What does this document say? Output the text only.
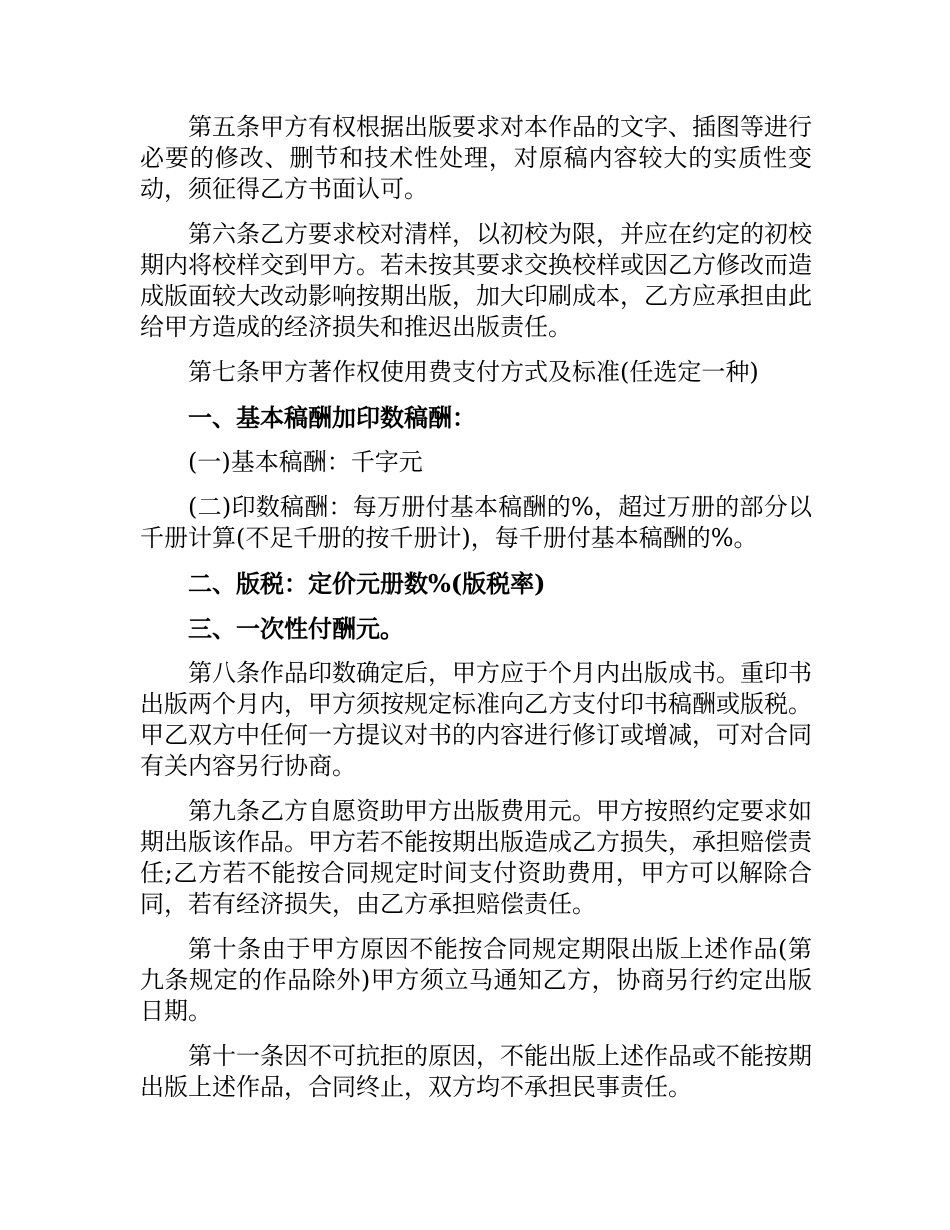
第五条甲方有权根据出版要求对本作品的文字、插图等进行必要的修改、删节和技术性处理，对原稿内容较大的实质性变动，须征得乙方书面认可。

第六条乙方要求校对清样，以初校为限，并应在约定的初校期内将校样交到甲方。若未按其要求交换校样或因乙方修改而造成版面较大改动影响按期出版，加大印刷成本，乙方应承担由此给甲方造成的经济损失和推迟出版责任。

第七条甲方著作权使用费支付方式及标准(任选定一种)

一、基本稿酬加印数稿酬：

(一)基本稿酬：千字元

(二)印数稿酬：每万册付基本稿酬的%，超过万册的部分以千册计算(不足千册的按千册计)，每千册付基本稿酬的%。

二、版税：定价元册数%(版税率)

三、一次性付酬元。

第八条作品印数确定后，甲方应于个月内出版成书。重印书出版两个月内，甲方须按规定标准向乙方支付印书稿酬或版税。甲乙双方中任何一方提议对书的内容进行修订或增减，可对合同有关内容另行协商。

第九条乙方自愿资助甲方出版费用元。甲方按照约定要求如期出版该作品。甲方若不能按期出版造成乙方损失，承担赔偿责任;乙方若不能按合同规定时间支付资助费用，甲方可以解除合同，若有经济损失，由乙方承担赔偿责任。

第十条由于甲方原因不能按合同规定期限出版上述作品(第九条规定的作品除外)甲方须立马通知乙方，协商另行约定出版日期。

第十一条因不可抗拒的原因，不能出版上述作品或不能按期出版上述作品，合同终止，双方均不承担民事责任。
